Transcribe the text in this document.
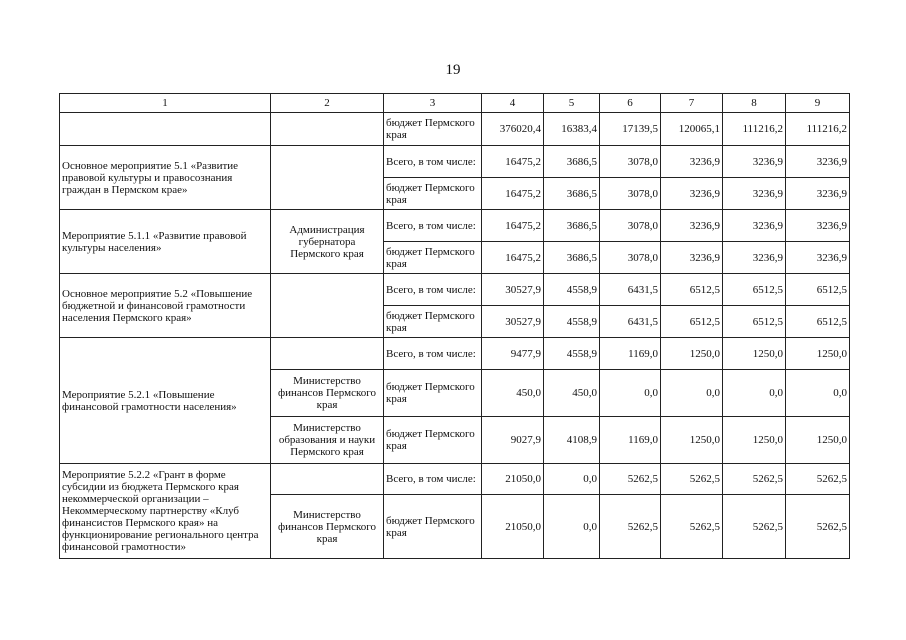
19
1	2	3	4	5	6	7	8	9
		бюджет Пермского края	376020,4	16383,4	17139,5	120065,1	111216,2	111216,2
Основное мероприятие 5.1 «Развитие правовой культуры и правосознания граждан в Пермском крае»		Всего, в том числе:	16475,2	3686,5	3078,0	3236,9	3236,9	3236,9
		бюджет Пермского края	16475,2	3686,5	3078,0	3236,9	3236,9	3236,9
Мероприятие 5.1.1 «Развитие правовой культуры населения»	Администрация губернатора Пермского края	Всего, в том числе:	16475,2	3686,5	3078,0	3236,9	3236,9	3236,9
		бюджет Пермского края	16475,2	3686,5	3078,0	3236,9	3236,9	3236,9
Основное мероприятие 5.2 «Повышение бюджетной и финансовой грамотности населения Пермского края»		Всего, в том числе:	30527,9	4558,9	6431,5	6512,5	6512,5	6512,5
		бюджет Пермского края	30527,9	4558,9	6431,5	6512,5	6512,5	6512,5
Мероприятие 5.2.1 «Повышение финансовой грамотности населения»		Всего, в том числе:	9477,9	4558,9	1169,0	1250,0	1250,0	1250,0
	Министерство финансов Пермского края	бюджет Пермского края	450,0	450,0	0,0	0,0	0,0	0,0
	Министерство образования и науки Пермского края	бюджет Пермского края	9027,9	4108,9	1169,0	1250,0	1250,0	1250,0
Мероприятие 5.2.2 «Грант в форме субсидии из бюджета Пермского края некоммерческой организации – Некоммерческому партнерству «Клуб финансистов Пермского края» на функционирование регионального центра финансовой грамотности»		Всего, в том числе:	21050,0	0,0	5262,5	5262,5	5262,5	5262,5
	Министерство финансов Пермского края	бюджет Пермского края	21050,0	0,0	5262,5	5262,5	5262,5	5262,5
